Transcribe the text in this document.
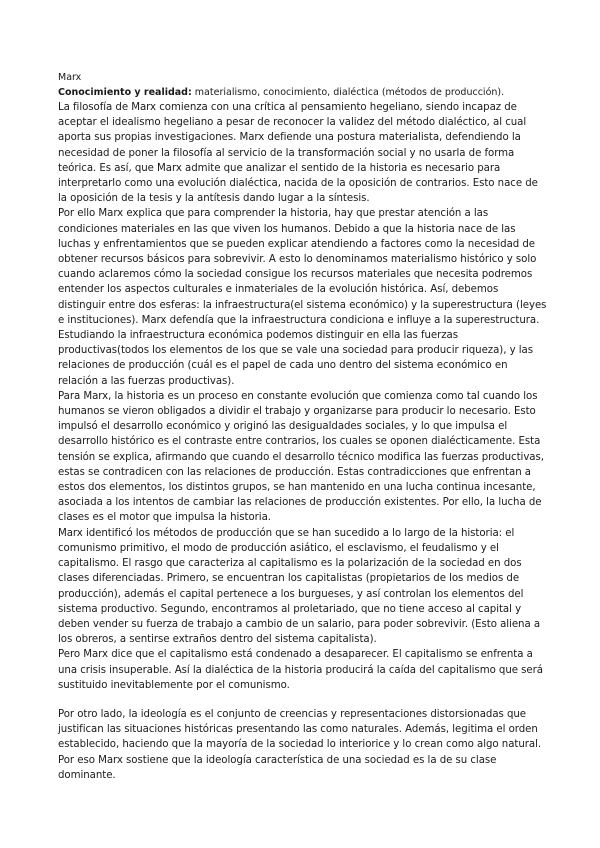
Marx

Conocimiento y realidad: materialismo, conocimiento, dialéctica (métodos de producción).

La filosofía de Marx comienza con una crítica al pensamiento hegeliano, siendo incapaz de aceptar el idealismo hegeliano a pesar de reconocer la validez del método dialéctico, al cual aporta sus propias investigaciones. Marx defiende una postura materialista, defendiendo la necesidad de poner la filosofía al servicio de la transformación social y no usarla de forma teórica. Es así, que Marx admite que analizar el sentido de la historia es necesario para interpretarlo como una evolución dialéctica, nacida de la oposición de contrarios. Esto nace de la oposición de la tesis y la antítesis dando lugar a la síntesis.

Por ello Marx explica que para comprender la historia, hay que prestar atención a las condiciones materiales en las que viven los humanos. Debido a que la historia nace de las luchas y enfrentamientos que se pueden explicar atendiendo a factores como la necesidad de obtener recursos básicos para sobrevivir. A esto lo denominamos materialismo histórico y solo cuando aclaremos cómo la sociedad consigue los recursos materiales que necesita podremos entender los aspectos culturales e inmateriales de la evolución histórica. Así, debemos distinguir entre dos esferas: la infraestructura(el sistema económico) y la superestructura (leyes e instituciones). Marx defendía que la infraestructura condiciona e influye a la superestructura. Estudiando la infraestructura económica podemos distinguir en ella las fuerzas productivas(todos los elementos de los que se vale una sociedad para producir riqueza), y las relaciones de producción (cuál es el papel de cada uno dentro del sistema económico en relación a las fuerzas productivas).

Para Marx, la historia es un proceso en constante evolución que comienza como tal cuando los humanos se vieron obligados a dividir el trabajo y organizarse para producir lo necesario. Esto impulsó el desarrollo económico y originó las desigualdades sociales, y lo que impulsa el desarrollo histórico es el contraste entre contrarios, los cuales se oponen dialécticamente. Esta tensión se explica, afirmando que cuando el desarrollo técnico modifica las fuerzas productivas, estas se contradicen con las relaciones de producción. Estas contradicciones que enfrentan a estos dos elementos, los distintos grupos, se han mantenido en una lucha continua incesante, asociada a los intentos de cambiar las relaciones de producción existentes. Por ello, la lucha de clases es el motor que impulsa la historia.

Marx identificó los métodos de producción que se han sucedido a lo largo de la historia: el comunismo primitivo, el modo de producción asiático, el esclavismo, el feudalismo y el capitalismo. El rasgo que caracteriza al capitalismo es la polarización de la sociedad en dos clases diferenciadas. Primero, se encuentran los capitalistas (propietarios de los medios de producción), además el capital pertenece a los burgueses, y así controlan los elementos del sistema productivo. Segundo, encontramos al proletariado, que no tiene acceso al capital y deben vender su fuerza de trabajo a cambio de un salario, para poder sobrevivir. (Esto aliena a los obreros, a sentirse extraños dentro del sistema capitalista).

Pero Marx dice que el capitalismo está condenado a desaparecer. El capitalismo se enfrenta a una crisis insuperable. Así la dialéctica de la historia producirá la caída del capitalismo que será sustituido inevitablemente por el comunismo.

Por otro lado, la ideología es el conjunto de creencias y representaciones distorsionadas que justifican las situaciones históricas presentando las como naturales. Además, legitima el orden establecido, haciendo que la mayoría de la sociedad lo interiorice y lo crean como algo natural. Por eso Marx sostiene que la ideología característica de una sociedad es la de su clase dominante.
